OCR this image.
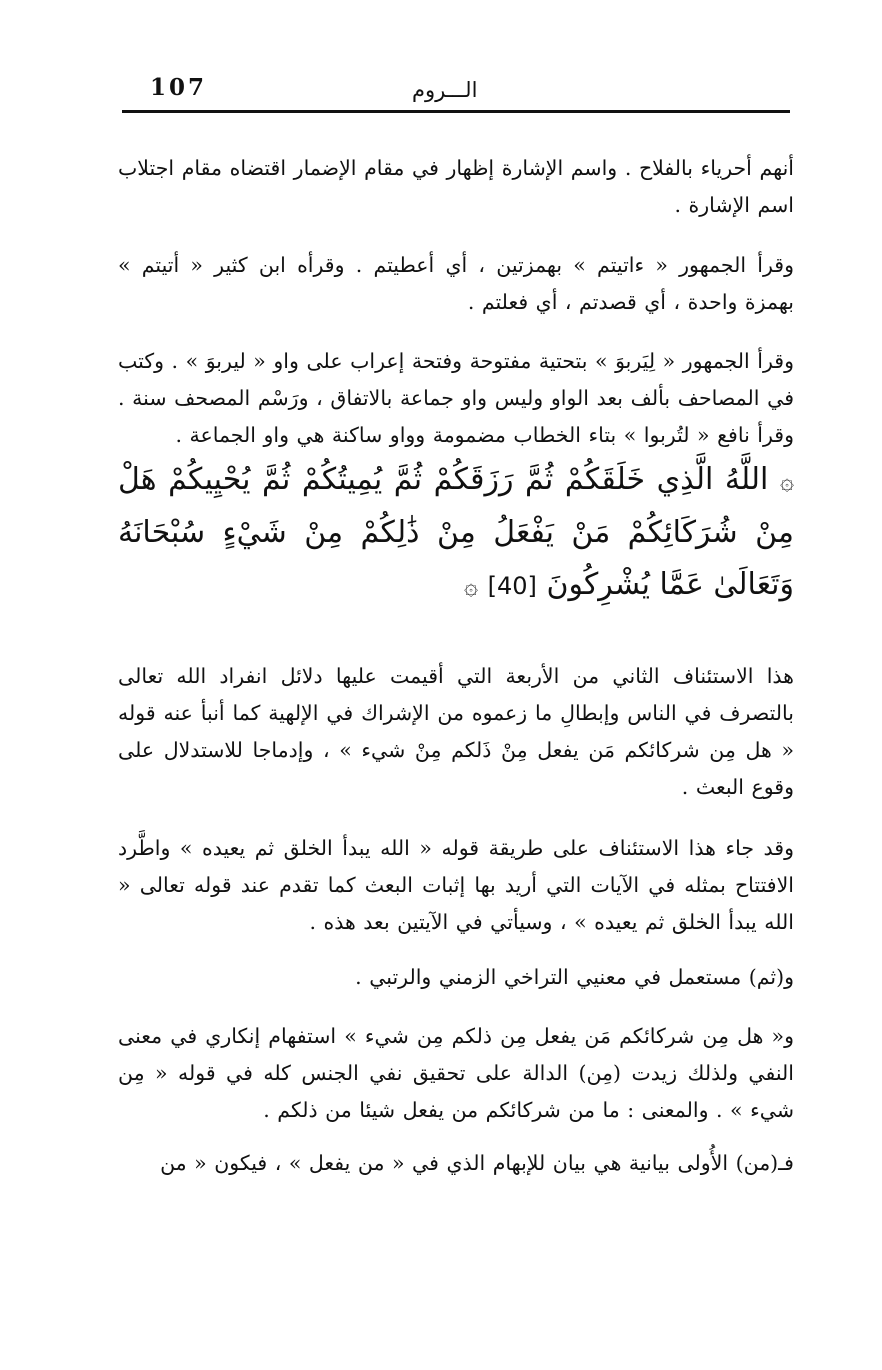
107	الـــروم

أنهم أحرياء بالفلاح . واسم الإشارة إظهار في مقام الإضمار اقتضاه مقام اجتلاب اسم الإشارة .

وقرأ الجمهور « ءاتيتم » بهمزتين ، أي أعطيتم . وقرأه ابن كثير « أتيتم » بهمزة واحدة ، أي قصدتم ، أي فعلتم .

وقرأ الجمهور « لِيَربوَ » بتحتية مفتوحة وفتحة إعراب على واو « ليربوَ » . وكتب في المصاحف بألف بعد الواو وليس واو جماعة بالاتفاق ، ورَسْم المصحف سنة . وقرأ نافع « لتُربوا » بتاء الخطاب مضمومة وواو ساكنة هي واو الجماعة .

۞ اللَّهُ الَّذِي خَلَقَكُمْ ثُمَّ رَزَقَكُمْ ثُمَّ يُمِيتُكُمْ ثُمَّ يُحْيِيكُمْ هَلْ مِنْ شُرَكَائِكُمْ مَنْ يَفْعَلُ مِنْ ذَٰلِكُمْ مِنْ شَيْءٍ سُبْحَانَهُ وَتَعَالَىٰ عَمَّا يُشْرِكُونَ [40] ۞

هذا الاستئناف الثاني من الأربعة التي أقيمت عليها دلائل انفراد الله تعالى بالتصرف في الناس وإبطالِ ما زعموه من الإشراك في الإلهية كما أنبأ عنه قوله « هل مِن شركائكم مَن يفعل مِنْ ذَلكم مِنْ شيء » ، وإدماجا للاستدلال على وقوع البعث .

وقد جاء هذا الاستئناف على طريقة قوله « الله يبدأ الخلق ثم يعيده » واطَّرد الافتتاح بمثله في الآيات التي أريد بها إثبات البعث كما تقدم عند قوله تعالى « الله يبدأ الخلق ثم يعيده » ، وسيأتي في الآيتين بعد هذه .

و(ثم) مستعمل في معنيي التراخي الزمني والرتبي .

و« هل مِن شركائكم مَن يفعل مِن ذلكم مِن شيء » استفهام إنكاري في معنى النفي ولذلك زيدت (مِن) الدالة على تحقيق نفي الجنس كله في قوله « مِن شيء » . والمعنى : ما من شركائكم من يفعل شيئا من ذلكم .

فـ(من) الأُولى بيانية هي بيان للإبهام الذي في « من يفعل » ، فيكون « من
